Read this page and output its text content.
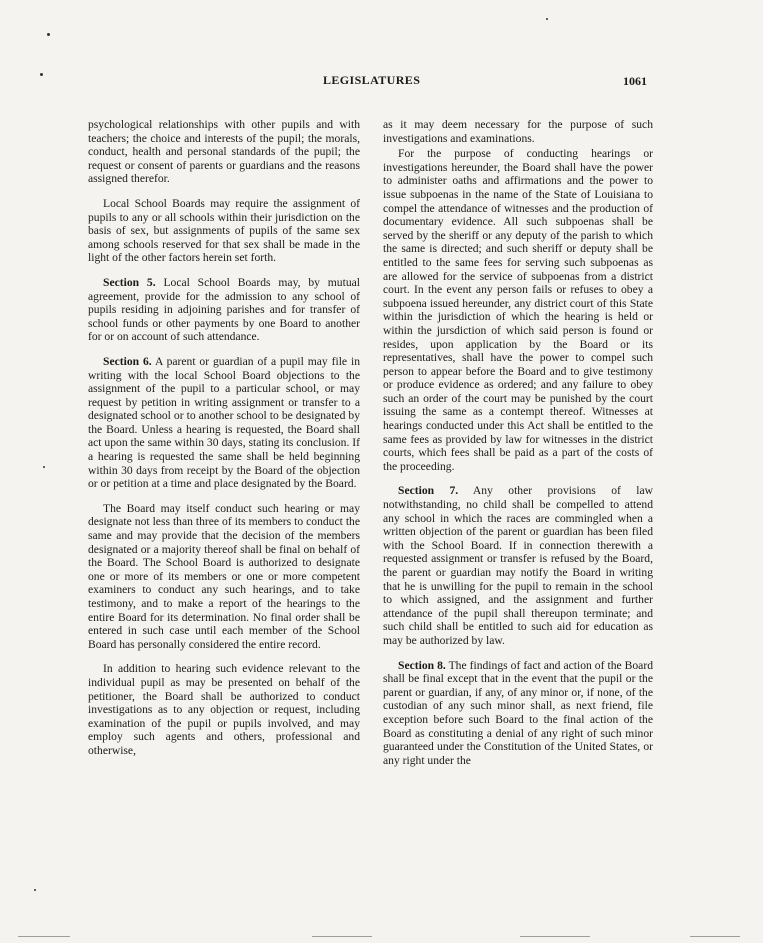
LEGISLATURES	1061

psychological relationships with other pupils and with teachers; the choice and interests of the pupil; the morals, conduct, health and personal standards of the pupil; the request or consent of parents or guardians and the reasons assigned therefor.

Local School Boards may require the assignment of pupils to any or all schools within their jurisdiction on the basis of sex, but assignments of pupils of the same sex among schools reserved for that sex shall be made in the light of the other factors herein set forth.

Section 5. Local School Boards may, by mutual agreement, provide for the admission to any school of pupils residing in adjoining parishes and for transfer of school funds or other payments by one Board to another for or on account of such attendance.

Section 6. A parent or guardian of a pupil may file in writing with the local School Board objections to the assignment of the pupil to a particular school, or may request by petition in writing assignment or transfer to a designated school or to another school to be designated by the Board. Unless a hearing is requested, the Board shall act upon the same within 30 days, stating its conclusion. If a hearing is requested the same shall be held beginning within 30 days from receipt by the Board of the objection or or petition at a time and place designated by the Board.

The Board may itself conduct such hearing or may designate not less than three of its members to conduct the same and may provide that the decision of the members designated or a majority thereof shall be final on behalf of the Board. The School Board is authorized to designate one or more of its members or one or more competent examiners to conduct any such hearings, and to take testimony, and to make a report of the hearings to the entire Board for its determination. No final order shall be entered in such case until each member of the School Board has personally considered the entire record.

In addition to hearing such evidence relevant to the individual pupil as may be presented on behalf of the petitioner, the Board shall be authorized to conduct investigations as to any objection or request, including examination of the pupil or pupils involved, and may employ such agents and others, professional and otherwise,

as it may deem necessary for the purpose of such investigations and examinations.

For the purpose of conducting hearings or investigations hereunder, the Board shall have the power to administer oaths and affirmations and the power to issue subpoenas in the name of the State of Louisiana to compel the attendance of witnesses and the production of documentary evidence. All such subpoenas shall be served by the sheriff or any deputy of the parish to which the same is directed; and such sheriff or deputy shall be entitled to the same fees for serving such subpoenas as are allowed for the service of subpoenas from a district court. In the event any person fails or refuses to obey a subpoena issued hereunder, any district court of this State within the jurisdiction of which the hearing is held or within the jursdiction of which said person is found or resides, upon application by the Board or its representatives, shall have the power to compel such person to appear before the Board and to give testimony or produce evidence as ordered; and any failure to obey such an order of the court may be punished by the court issuing the same as a contempt thereof. Witnesses at hearings conducted under this Act shall be entitled to the same fees as provided by law for witnesses in the district courts, which fees shall be paid as a part of the costs of the proceeding.

Section 7. Any other provisions of law notwithstanding, no child shall be compelled to attend any school in which the races are commingled when a written objection of the parent or guardian has been filed with the School Board. If in connection therewith a requested assignment or transfer is refused by the Board, the parent or guardian may notify the Board in writing that he is unwilling for the pupil to remain in the school to which assigned, and the assignment and further attendance of the pupil shall thereupon terminate; and such child shall be entitled to such aid for education as may be authorized by law.

Section 8. The findings of fact and action of the Board shall be final except that in the event that the pupil or the parent or guardian, if any, of any minor or, if none, of the custodian of any such minor shall, as next friend, file exception before such Board to the final action of the Board as constituting a denial of any right of such minor guaranteed under the Constitution of the United States, or any right under the
